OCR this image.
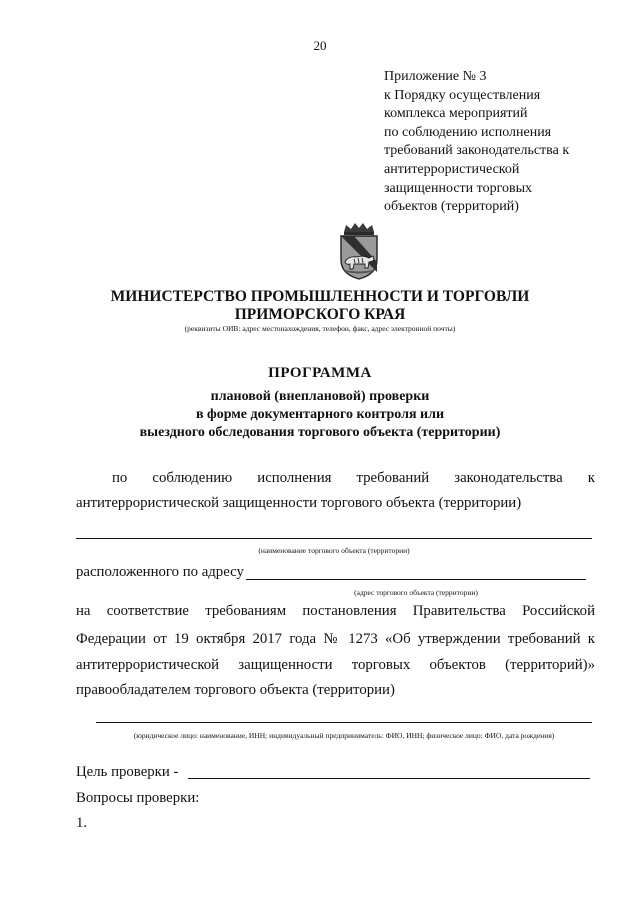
20
Приложение № 3
к Порядку осуществления
комплекса мероприятий
по соблюдению исполнения
требований законодательства к
антитеррористической
защищенности торговых
объектов (территорий)
МИНИСТЕРСТВО ПРОМЫШЛЕННОСТИ И ТОРГОВЛИ
ПРИМОРСКОГО КРАЯ
(реквизиты ОИВ: адрес местонахождения, телефон, факс, адрес электронной почты)
ПРОГРАММА
плановой (внеплановой) проверки
в форме документарного контроля или
выездного обследования торгового объекта (территории)
по соблюдению исполнения требований законодательства к
антитеррористической защищенности торгового объекта (территории)
(наименование торгового объекта (территории)
расположенного по адресу
(адрес торгового объекта (территории)
на соответствие требованиям постановления Правительства Российской
Федерации от 19 октября 2017 года № 1273 «Об утверждении требований к
антитеррористической защищенности торговых объектов (территорий)»
правообладателем торгового объекта (территории)
(юридическое лицо: наименование, ИНН; индивидуальный предприниматель: ФИО, ИНН; физическое лицо: ФИО, дата рождения)
Цель проверки -
Вопросы проверки:
1.
